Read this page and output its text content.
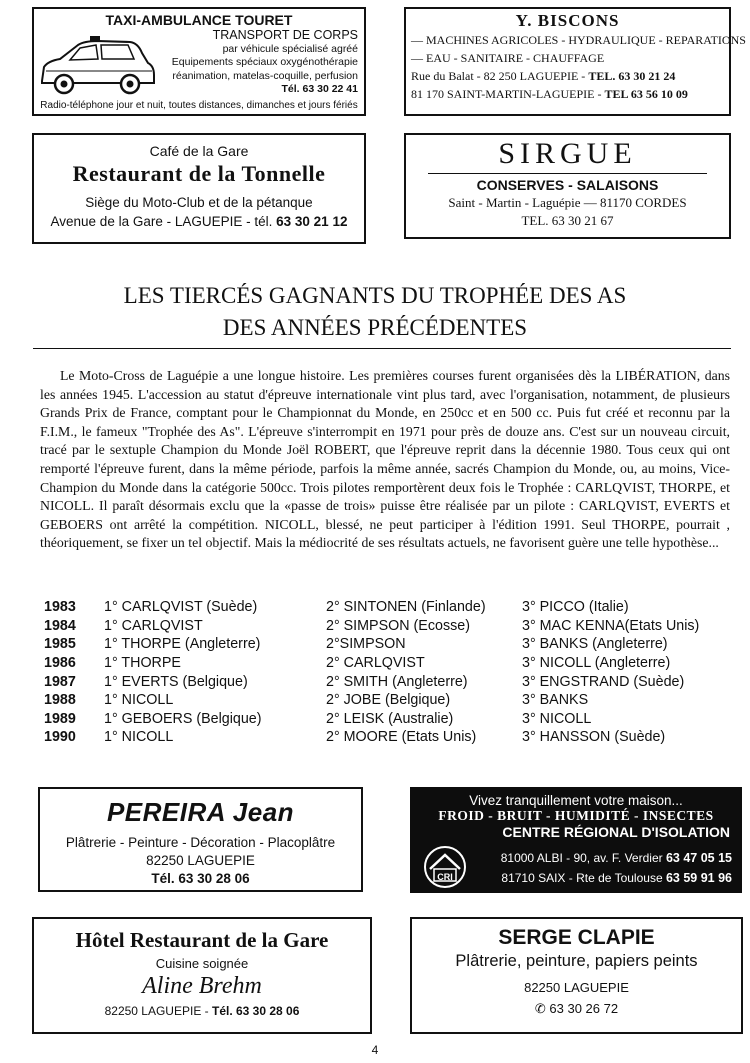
TAXI-AMBULANCE TOURET
TRANSPORT DE CORPS
par véhicule spécialisé agréé
Equipements spéciaux oxygénothérapie
réanimation, matelas-coquille, perfusion
Tél. 63 30 22 41
Radio-téléphone jour et nuit, toutes distances, dimanches et jours fériés
Y. BISCONS
— MACHINES AGRICOLES - HYDRAULIQUE - REPARATIONS
— EAU - SANITAIRE - CHAUFFAGE
Rue du Balat - 82 250 LAGUEPIE - TEL. 63 30 21 24
81 170 SAINT-MARTIN-LAGUEPIE - TEL 63 56 10 09
Café de la Gare
Restaurant de la Tonnelle
Siège du Moto-Club et de la pétanque
Avenue de la Gare - LAGUEPIE - tél. 63 30 21 12
SIRGUE
CONSERVES - SALAISONS
Saint - Martin - Laguépie — 81170 CORDES
TEL. 63 30 21 67
LES TIERCÉS GAGNANTS DU TROPHÉE DES AS
DES ANNÉES PRÉCÉDENTES

Le Moto-Cross de Laguépie a une longue histoire. Les premières courses furent organisées dès la LIBÉRATION, dans les années 1945. L'accession au statut d'épreuve internationale vint plus tard, avec l'organisation, notamment, de plusieurs Grands Prix de France, comptant pour le Championnat du Monde, en 250cc et en 500 cc. Puis fut créé et reconnu par la F.I.M., le fameux "Trophée des As". L'épreuve s'interrompit en 1971 pour près de douze ans. C'est sur un nouveau circuit, tracé par le sextuple Champion du Monde Joël ROBERT, que l'épreuve reprit dans la décennie 1980. Tous ceux qui ont remporté l'épreuve furent, dans la même période, parfois la même année, sacrés Champion du Monde, ou, au moins, Vice-Champion du Monde dans la catégorie 500cc. Trois pilotes remportèrent deux fois le Trophée : CARLQVIST, THORPE, et NICOLL. Il paraît désormais exclu que la «passe de trois» puisse être réalisée par un pilote : CARLQVIST, EVERTS et GEBOERS ont arrêté la compétition. NICOLL, blessé, ne peut participer à l'édition 1991. Seul THORPE, pourrait , théoriquement, se fixer un tel objectif. Mais la médiocrité de ses résultats actuels, ne favorisent guère une telle hypothèse...

1983	1° CARLQVIST (Suède)	2° SINTONEN (Finlande)	3° PICCO (Italie)
1984	1° CARLQVIST	2° SIMPSON (Ecosse)	3° MAC KENNA(Etats Unis)
1985	1° THORPE (Angleterre)	2°SIMPSON	3° BANKS (Angleterre)
1986	1° THORPE	2° CARLQVIST	3° NICOLL (Angleterre)
1987	1° EVERTS (Belgique)	2° SMITH (Angleterre)	3° ENGSTRAND (Suède)
1988	1° NICOLL	2° JOBE (Belgique)	3° BANKS
1989	1° GEBOERS (Belgique)	2° LEISK (Australie)	3° NICOLL
1990	1° NICOLL	2° MOORE (Etats Unis)	3° HANSSON (Suède)
PEREIRA Jean
Plâtrerie - Peinture - Décoration - Placoplâtre
82250 LAGUEPIE
Tél. 63 30 28 06
Vivez tranquillement votre maison...
FROID - BRUIT - HUMIDITÉ - INSECTES
CENTRE RÉGIONAL D'ISOLATION
CRI
81000 ALBI - 90, av. F. Verdier 63 47 05 15
81710 SAIX - Rte de Toulouse 63 59 91 96
Hôtel Restaurant de la Gare
Cuisine soignée
Aline Brehm
82250 LAGUEPIE - Tél. 63 30 28 06
SERGE CLAPIE
Plâtrerie, peinture, papiers peints
82250 LAGUEPIE
✆ 63 30 26 72
4
